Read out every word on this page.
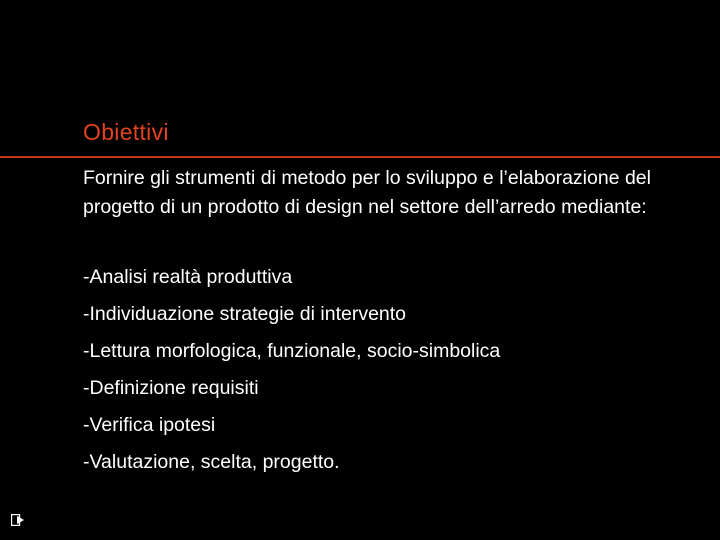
Obiettivi
Fornire gli strumenti di metodo per lo sviluppo e l’elaborazione del progetto di un prodotto di design nel settore dell’arredo mediante:
-Analisi realtà produttiva
-Individuazione strategie di intervento
-Lettura morfologica, funzionale, socio-simbolica
-Definizione requisiti
-Verifica ipotesi
-Valutazione, scelta, progetto.
